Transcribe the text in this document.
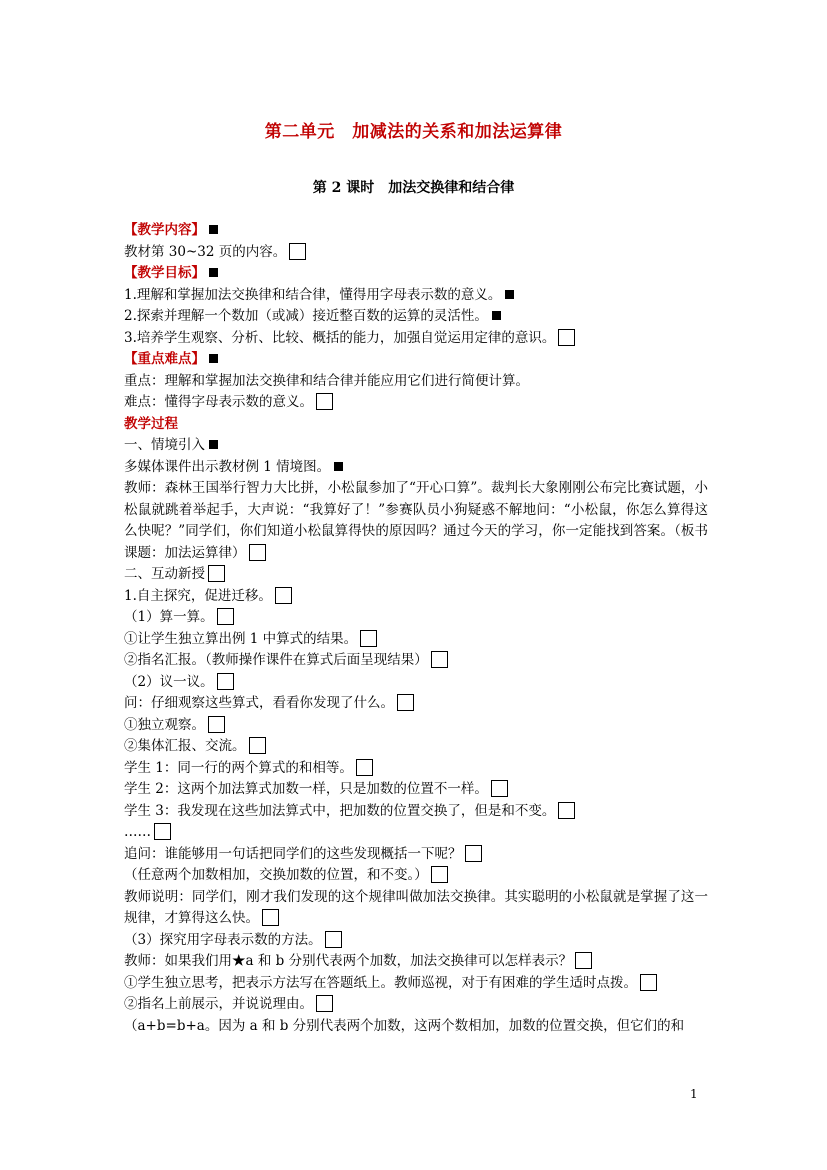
第二单元　加减法的关系和加法运算律
第 2 课时　加法交换律和结合律
【教学内容】
教材第 30~32 页的内容。
【教学目标】
1.理解和掌握加法交换律和结合律，懂得用字母表示数的意义。
2.探索并理解一个数加（或减）接近整百数的运算的灵活性。
3.培养学生观察、分析、比较、概括的能力，加强自觉运用定律的意识。
【重点难点】
重点：理解和掌握加法交换律和结合律并能应用它们进行简便计算。
难点：懂得字母表示数的意义。
教学过程
一、情境引入
多媒体课件出示教材例 1 情境图。
教师：森林王国举行智力大比拼，小松鼠参加了“开心口算”。裁判长大象刚刚公布完比赛试题，小松鼠就跳着举起手，大声说：“我算好了！”参赛队员小狗疑惑不解地问：“小松鼠，你怎么算得这么快呢？”同学们，你们知道小松鼠算得快的原因吗？通过今天的学习，你一定能找到答案。（板书课题：加法运算律）
二、互动新授
1.自主探究，促进迁移。
（1）算一算。
①让学生独立算出例 1 中算式的结果。
②指名汇报。（教师操作课件在算式后面呈现结果）
（2）议一议。
问：仔细观察这些算式，看看你发现了什么。
①独立观察。
②集体汇报、交流。
学生 1：同一行的两个算式的和相等。
学生 2：这两个加法算式加数一样，只是加数的位置不一样。
学生 3：我发现在这些加法算式中，把加数的位置交换了，但是和不变。
……
追问：谁能够用一句话把同学们的这些发现概括一下呢？
（任意两个加数相加，交换加数的位置，和不变。）
教师说明：同学们，刚才我们发现的这个规律叫做加法交换律。其实聪明的小松鼠就是掌握了这一规律，才算得这么快。
（3）探究用字母表示数的方法。
教师：如果我们用★a 和 b 分别代表两个加数，加法交换律可以怎样表示？
①学生独立思考，把表示方法写在答题纸上。教师巡视，对于有困难的学生适时点拨。
②指名上前展示，并说说理由。
（a+b=b+a。因为 a 和 b 分别代表两个加数，这两个数相加，加数的位置交换，但它们的和
1
